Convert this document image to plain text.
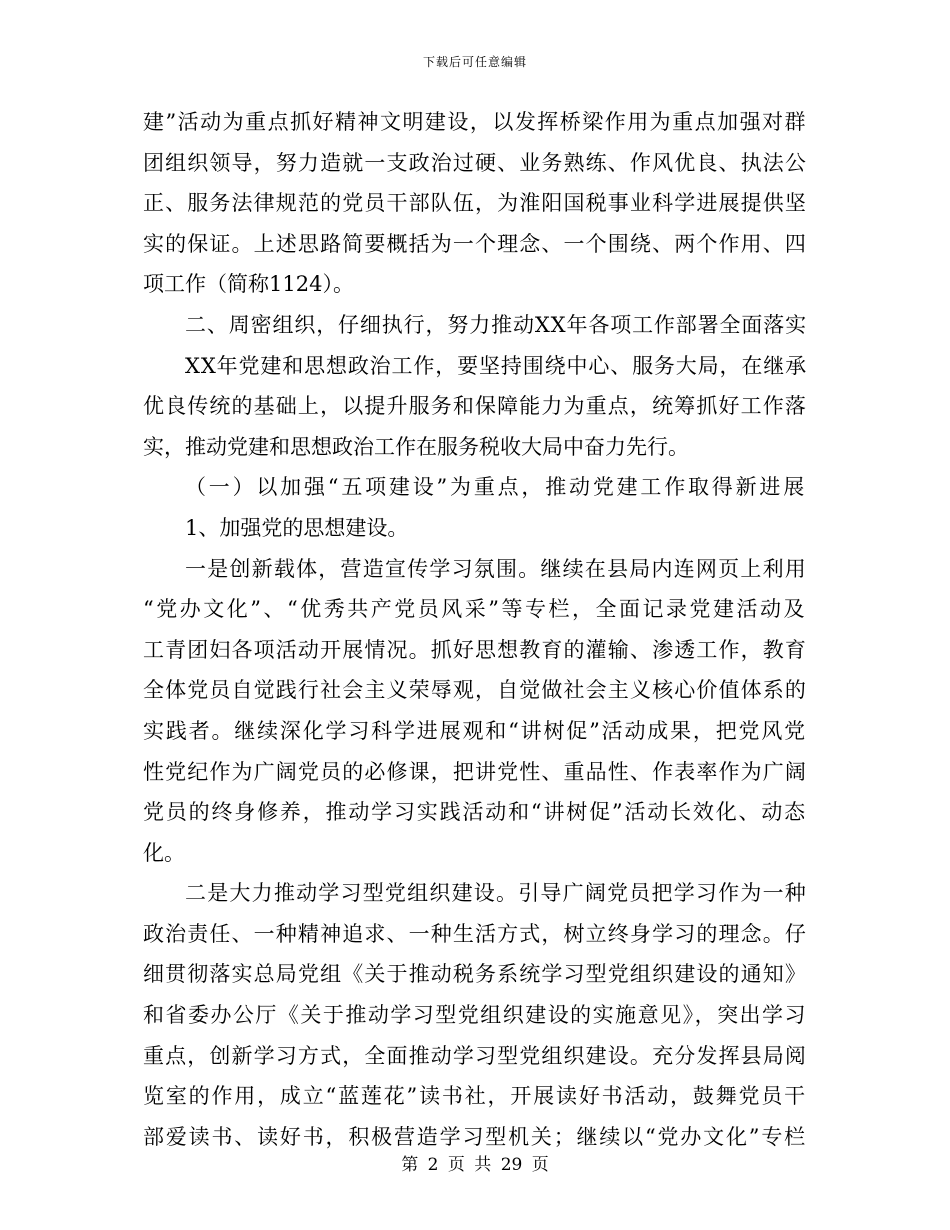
下载后可任意编辑
建”活动为重点抓好精神文明建设，以发挥桥梁作用为重点加强对群
团组织领导，努力造就一支政治过硬、业务熟练、作风优良、执法公
正、服务法律规范的党员干部队伍，为淮阳国税事业科学进展提供坚
实的保证。上述思路简要概括为一个理念、一个围绕、两个作用、四
项工作（简称1124）。
二、周密组织，仔细执行，努力推动XX年各项工作部署全面落实
XX年党建和思想政治工作，要坚持围绕中心、服务大局，在继承
优良传统的基础上，以提升服务和保障能力为重点，统筹抓好工作落
实，推动党建和思想政治工作在服务税收大局中奋力先行。
（一）以加强“五项建设”为重点，推动党建工作取得新进展
1、加强党的思想建设。
一是创新载体，营造宣传学习氛围。继续在县局内连网页上利用
“党办文化”、“优秀共产党员风采”等专栏，全面记录党建活动及
工青团妇各项活动开展情况。抓好思想教育的灌输、渗透工作，教育
全体党员自觉践行社会主义荣辱观，自觉做社会主义核心价值体系的
实践者。继续深化学习科学进展观和“讲树促”活动成果，把党风党
性党纪作为广阔党员的必修课，把讲党性、重品性、作表率作为广阔
党员的终身修养，推动学习实践活动和“讲树促”活动长效化、动态
化。
二是大力推动学习型党组织建设。引导广阔党员把学习作为一种
政治责任、一种精神追求、一种生活方式，树立终身学习的理念。仔
细贯彻落实总局党组《关于推动税务系统学习型党组织建设的通知》
和省委办公厅《关于推动学习型党组织建设的实施意见》，突出学习
重点，创新学习方式，全面推动学习型党组织建设。充分发挥县局阅
览室的作用，成立“蓝莲花”读书社，开展读好书活动，鼓舞党员干
部爱读书、读好书，积极营造学习型机关；继续以“党办文化”专栏
第 2 页 共 29 页
